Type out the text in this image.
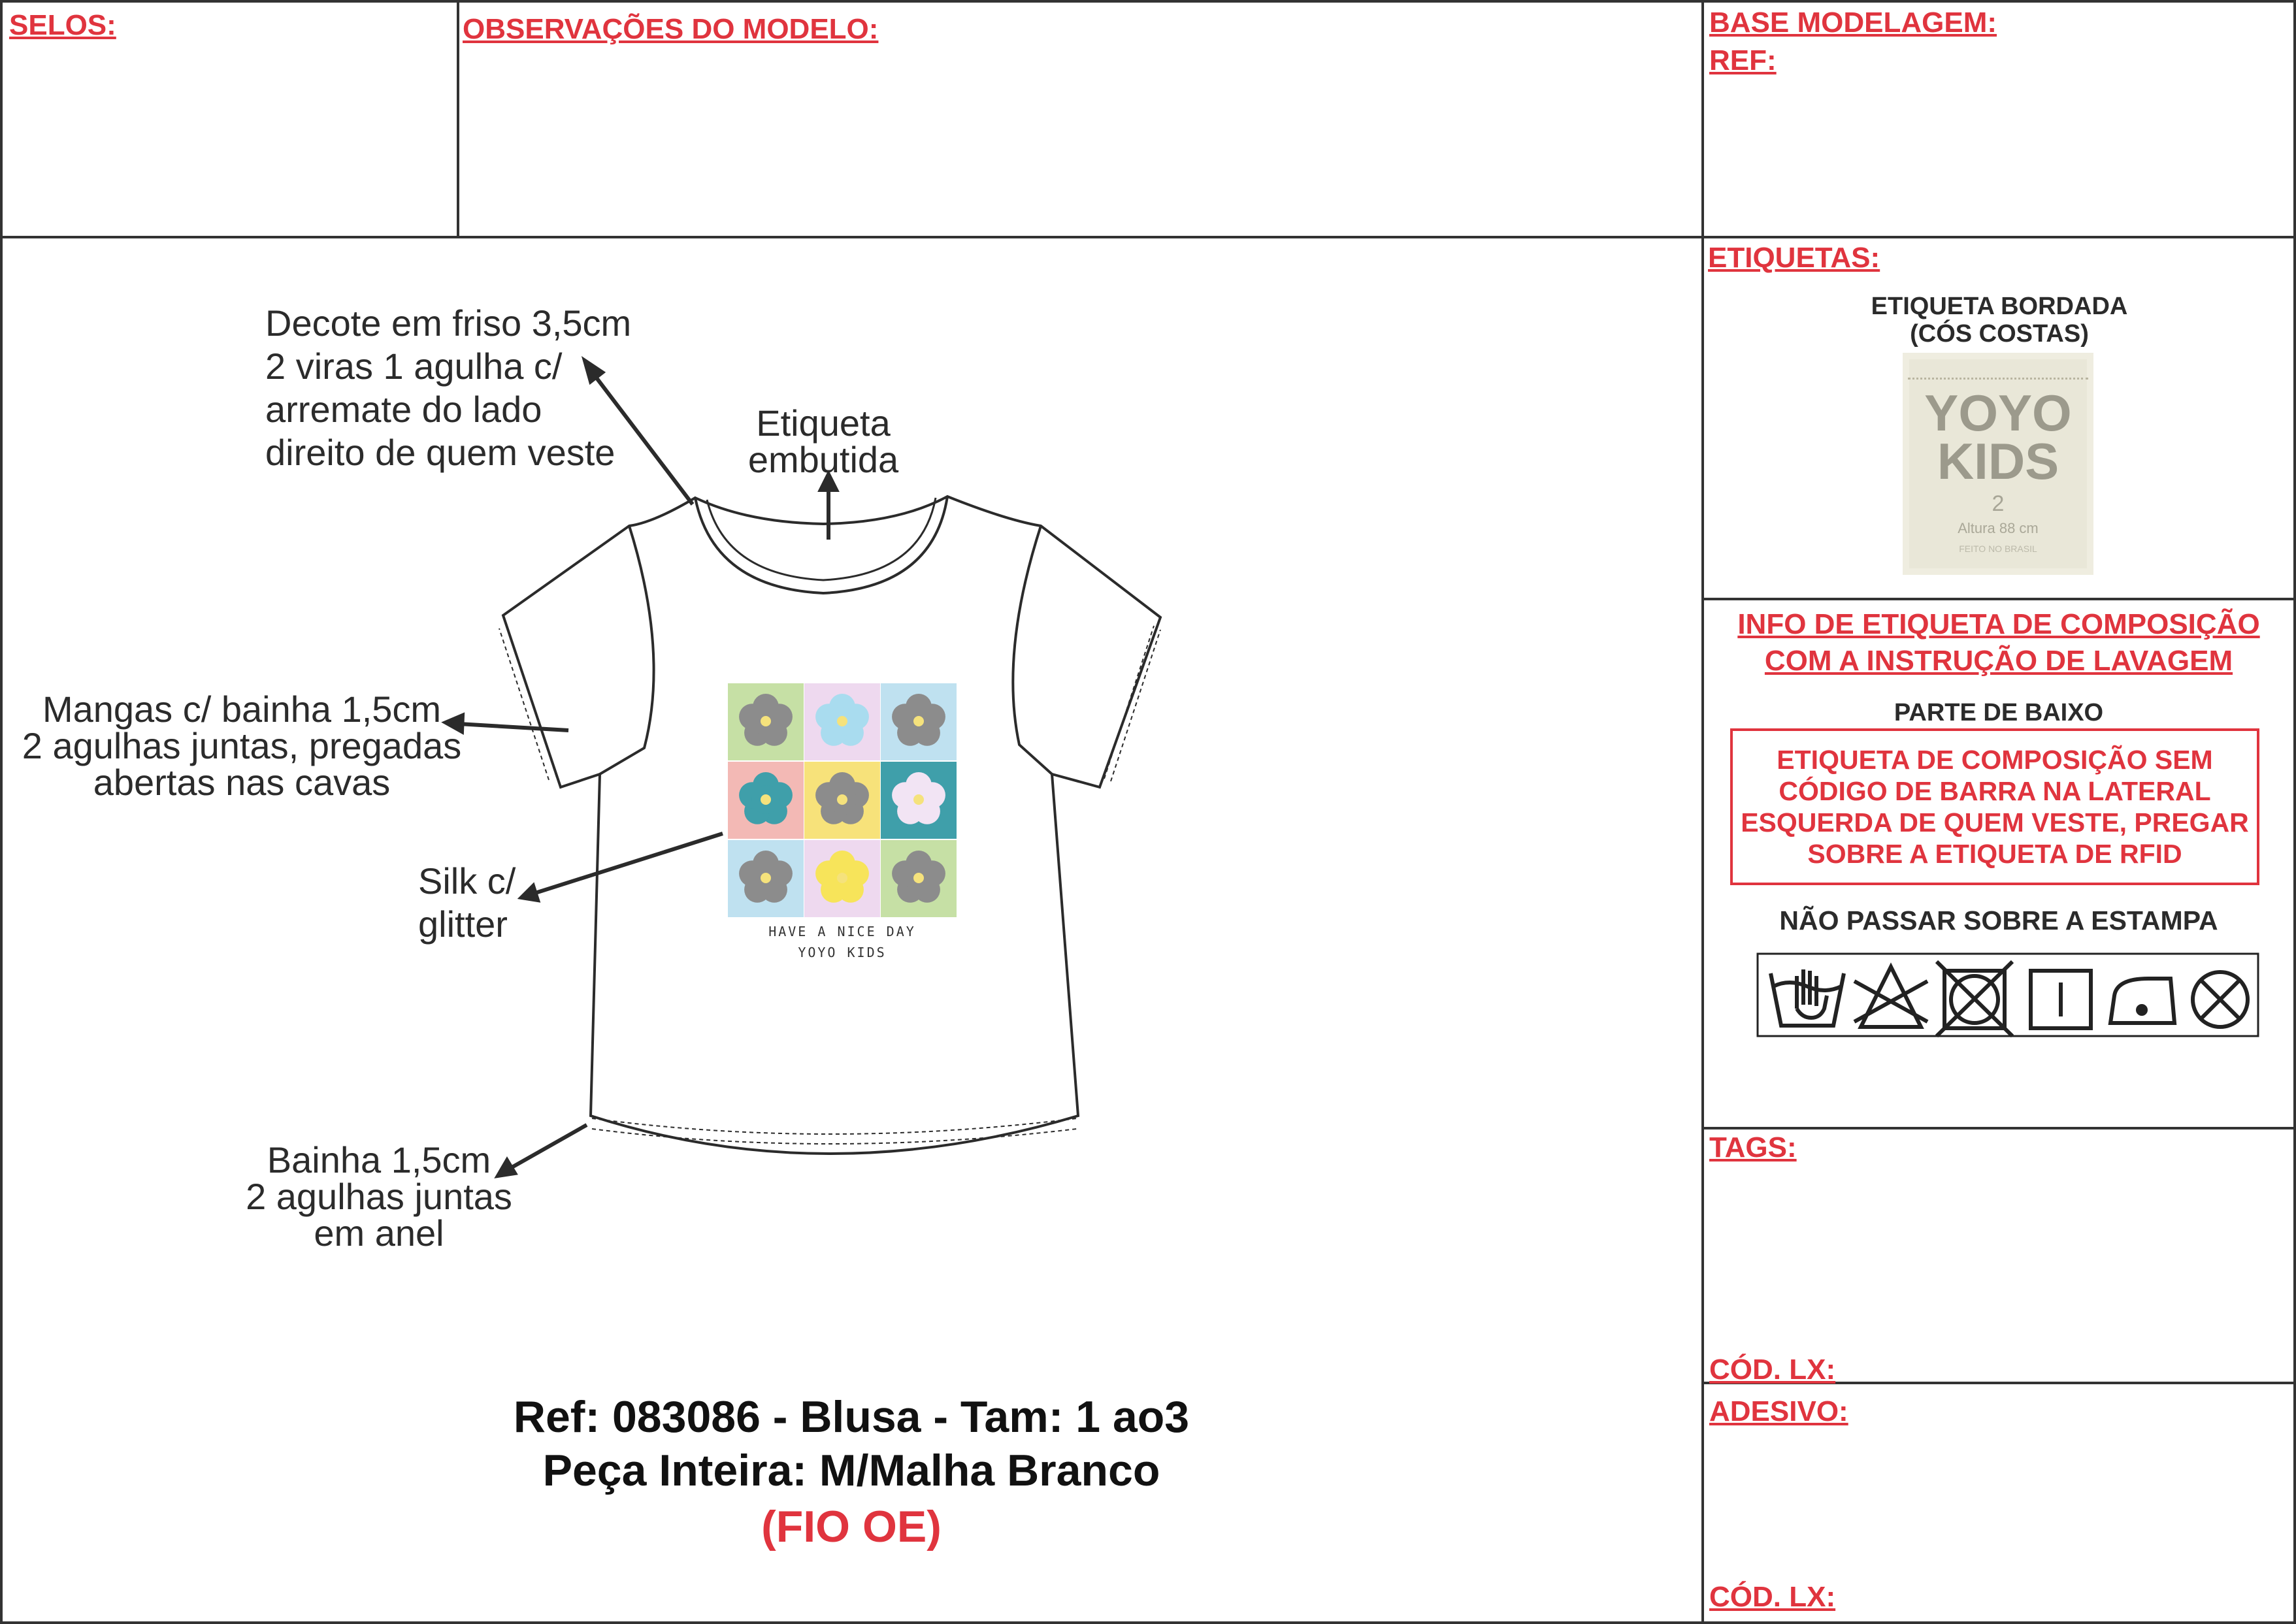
SELOS:	OBSERVAÇÕES DO MODELO:	BASE MODELAGEM:
REF:
ETIQUETAS:
ETIQUETA BORDADA
(CÓS COSTAS)
YOYO
KIDS
2
Altura 88 cm
FEITO NO BRASIL
INFO DE ETIQUETA DE COMPOSIÇÃO
COM A INSTRUÇÃO DE LAVAGEM
PARTE DE BAIXO
ETIQUETA DE COMPOSIÇÃO SEM
CÓDIGO DE BARRA NA LATERAL
ESQUERDA DE QUEM VESTE, PREGAR
SOBRE A ETIQUETA DE RFID
NÃO PASSAR SOBRE A ESTAMPA
TAGS:
CÓD. LX:
ADESIVO:
CÓD. LX:
HAVE A NICE DAY
YOYO KIDS
Decote em friso 3,5cm
2 viras 1 agulha c/
arremate do lado
direito de quem veste
Etiqueta
embutida
Mangas c/ bainha 1,5cm
2 agulhas juntas, pregadas
abertas nas cavas
Silk c/
glitter
Bainha 1,5cm
2 agulhas juntas
em anel
Ref: 083086 - Blusa - Tam: 1 ao3
Peça Inteira: M/Malha Branco
(FIO OE)
